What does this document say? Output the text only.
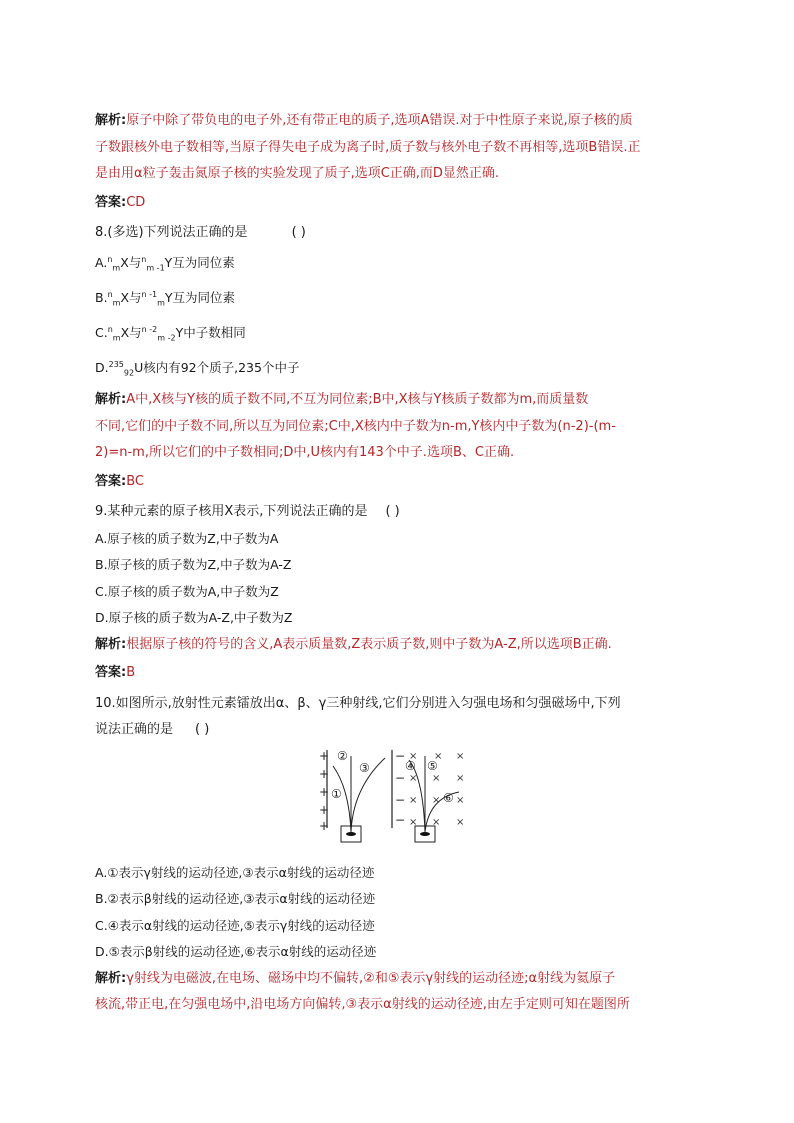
解析:原子中除了带负电的电子外,还有带正电的质子,选项A错误.对于中性原子来说,原子核的质
子数跟核外电子数相等,当原子得失电子成为离子时,质子数与核外电子数不再相等,选项B错误.正
是由用α粒子轰击氮原子核的实验发现了质子,选项C正确,而D显然正确.
答案:CD
8.(多选)下列说法正确的是	( )
A.$^n_m$X与$^n_{m -1}$Y互为同位素
B.$^n_m$X与$^{n -1}_m$Y互为同位素
C.$^n_m$X与$^{n -2}_{m -2}$Y中子数相同
D.$^{235}_{92}$U核内有92个质子,235个中子
解析:A中,X核与Y核的质子数不同,不互为同位素;B中,X核与Y核质子数都为m,而质量数
不同,它们的中子数不同,所以互为同位素;C中,X核内中子数为n-m,Y核内中子数为(n-2)-(m-
2)=n-m,所以它们的中子数相同;D中,U核内有143个中子.选项B、C正确.
答案:BC
9.某种元素的原子核用X表示,下列说法正确的是 ( )
A.原子核的质子数为Z,中子数为A
B.原子核的质子数为Z,中子数为A-Z
C.原子核的质子数为A,中子数为Z
D.原子核的质子数为A-Z,中子数为Z
解析:根据原子核的符号的含义,A表示质量数,Z表示质子数,则中子数为A-Z,所以选项B正确.
答案:B
10.如图所示,放射性元素镭放出α、β、γ三种射线,它们分别进入匀强电场和匀强磁场中,下列
说法正确的是 ( )
+
+
+
+
+
−
−
−
−
× × ×
× × ×
× × ×
× × ×
②
③
①
④ ⑤
⑥
A.①表示γ射线的运动径迹,③表示α射线的运动径迹
B.②表示β射线的运动径迹,③表示α射线的运动径迹
C.④表示α射线的运动径迹,⑤表示γ射线的运动径迹
D.⑤表示β射线的运动径迹,⑥表示α射线的运动径迹
解析:γ射线为电磁波,在电场、磁场中均不偏转,②和⑤表示γ射线的运动径迹;α射线为氦原子
核流,带正电,在匀强电场中,沿电场方向偏转,③表示α射线的运动径迹,由左手定则可知在题图所
